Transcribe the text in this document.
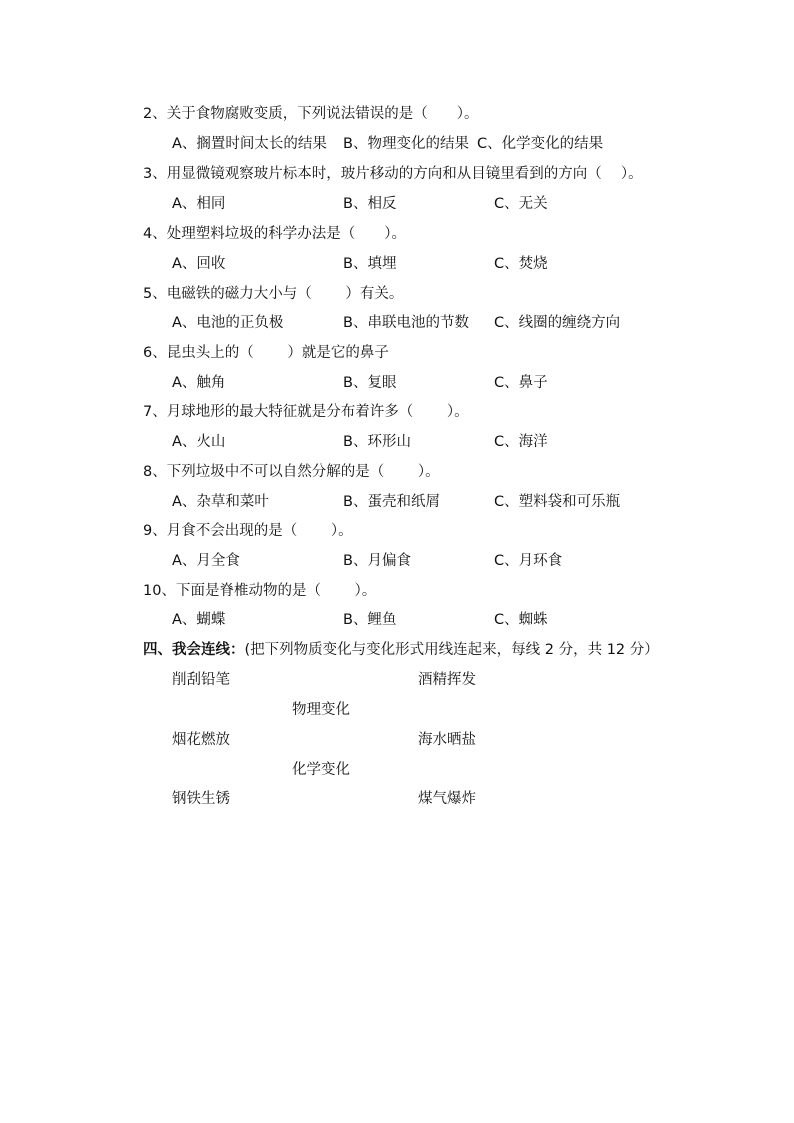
2、关于食物腐败变质，下列说法错误的是（　　）。
A、搁置时间太长的结果 B、物理变化的结果 C、化学变化的结果
3、用显微镜观察玻片标本时，玻片移动的方向和从目镜里看到的方向（　 ）。
A、相同	B、相反	C、无关
4、处理塑料垃圾的科学办法是（　　）。
A、回收	B、填埋	C、焚烧
5、电磁铁的磁力大小与（　　 ）有关。
A、电池的正负极	B、串联电池的节数 C、线圈的缠绕方向
6、昆虫头上的（　　 ）就是它的鼻子
A、触角	B、复眼	C、鼻子
7、月球地形的最大特征就是分布着许多（　　 ）。
A、火山	B、环形山	C、海洋
8、下列垃圾中不可以自然分解的是（　　 ）。
A、杂草和菜叶	B、蛋壳和纸屑	C、塑料袋和可乐瓶
9、月食不会出现的是（　　 ）。
A、月全食	B、月偏食	C、月环食
10、下面是脊椎动物的是（　　 ）。
A、蝴蝶	B、鲤鱼	C、蜘蛛
四、我会连线：(把下列物质变化与变化形式用线连起来，每线 2 分，共 12 分）
削刮铅笔	酒精挥发
物理变化
烟花燃放	海水晒盐
化学变化
钢铁生锈	煤气爆炸
